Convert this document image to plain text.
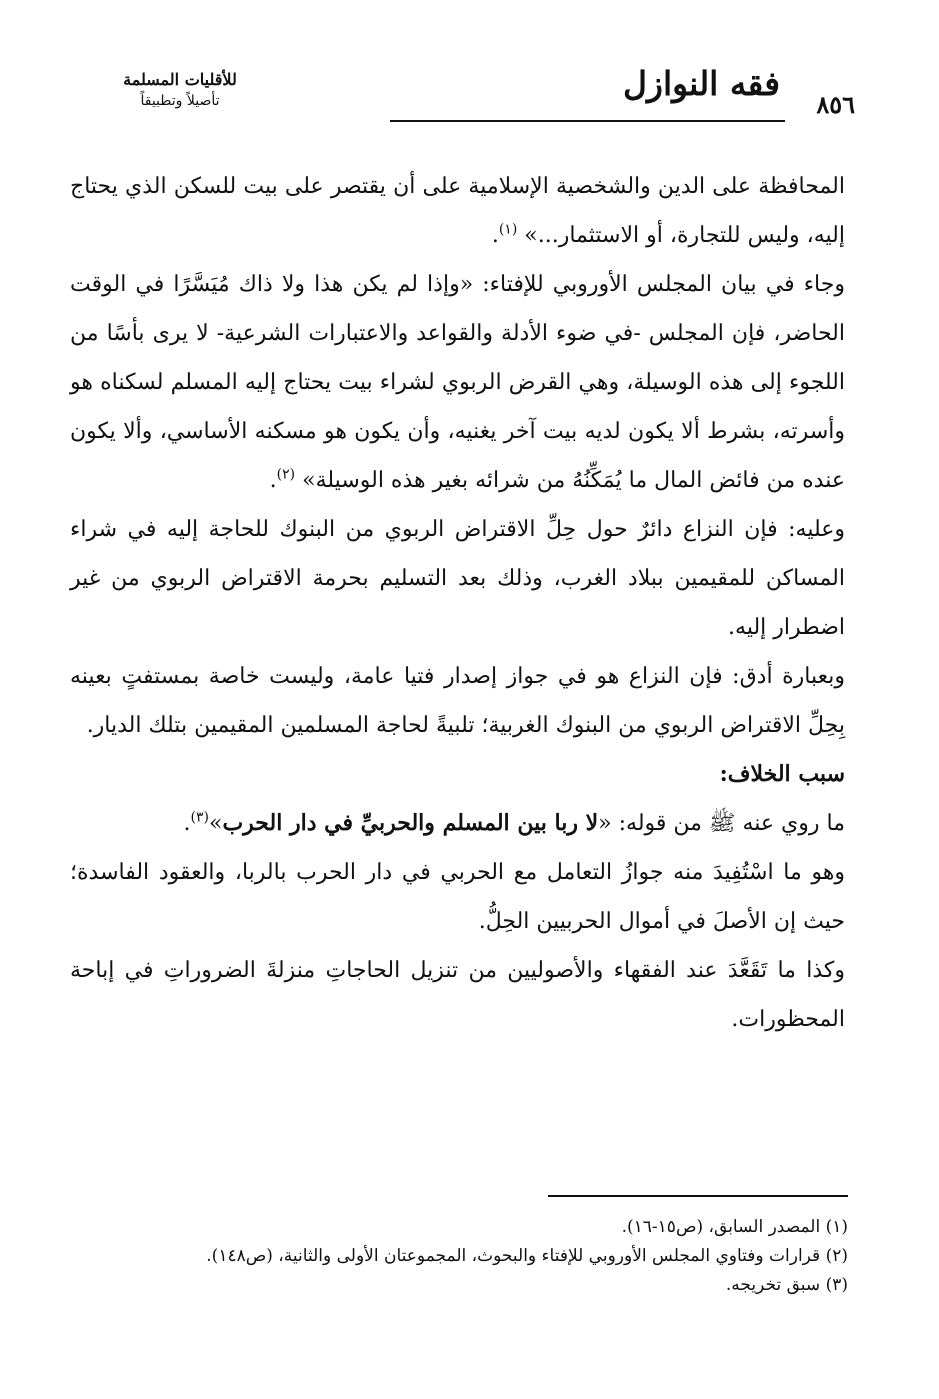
٨٥٦
فقه النوازل
للأقليات المسلمة
تأصيلاً وتطبيقاً

المحافظة على الدين والشخصية الإسلامية على أن يقتصر على بيت للسكن الذي يحتاج إليه، وليس للتجارة، أو الاستثمار...» $^{(١)}$.

وجاء في بيان المجلس الأوروبي للإفتاء: «وإذا لم يكن هذا ولا ذاك مُيَسَّرًا في الوقت الحاضر، فإن المجلس -في ضوء الأدلة والقواعد والاعتبارات الشرعية- لا يرى بأسًا من اللجوء إلى هذه الوسيلة، وهي القرض الربوي لشراء بيت يحتاج إليه المسلم لسكناه هو وأسرته، بشرط ألا يكون لديه بيت آخر يغنيه، وأن يكون هو مسكنه الأساسي، وألا يكون عنده من فائض المال ما يُمَكِّنُهُ من شرائه بغير هذه الوسيلة» $^{(٢)}$.

وعليه: فإن النزاع دائرٌ حول حِلِّ الاقتراض الربوي من البنوك للحاجة إليه في شراء المساكن للمقيمين ببلاد الغرب، وذلك بعد التسليم بحرمة الاقتراض الربوي من غير اضطرار إليه.

وبعبارة أدق: فإن النزاع هو في جواز إصدار فتيا عامة، وليست خاصة بمستفتٍ بعينه بِحِلِّ الاقتراض الربوي من البنوك الغربية؛ تلبيةً لحاجة المسلمين المقيمين بتلك الديار.

سبب الخلاف:

ما روي عنه ﷺ من قوله: «لا ربا بين المسلم والحربيِّ في دار الحرب»$^{(٣)}$.

وهو ما اسْتُفِيدَ منه جوازُ التعامل مع الحربي في دار الحرب بالربا، والعقود الفاسدة؛ حيث إن الأصلَ في أموال الحربيين الحِلُّ.

وكذا ما تَقَعَّدَ عند الفقهاء والأصوليين من تنزيل الحاجاتِ منزلةَ الضروراتِ في إباحة المحظورات.

(١) المصدر السابق، (ص١٥-١٦).
(٢) قرارات وفتاوي المجلس الأوروبي للإفتاء والبحوث، المجموعتان الأولى والثانية، (ص١٤٨).
(٣) سبق تخريجه.
